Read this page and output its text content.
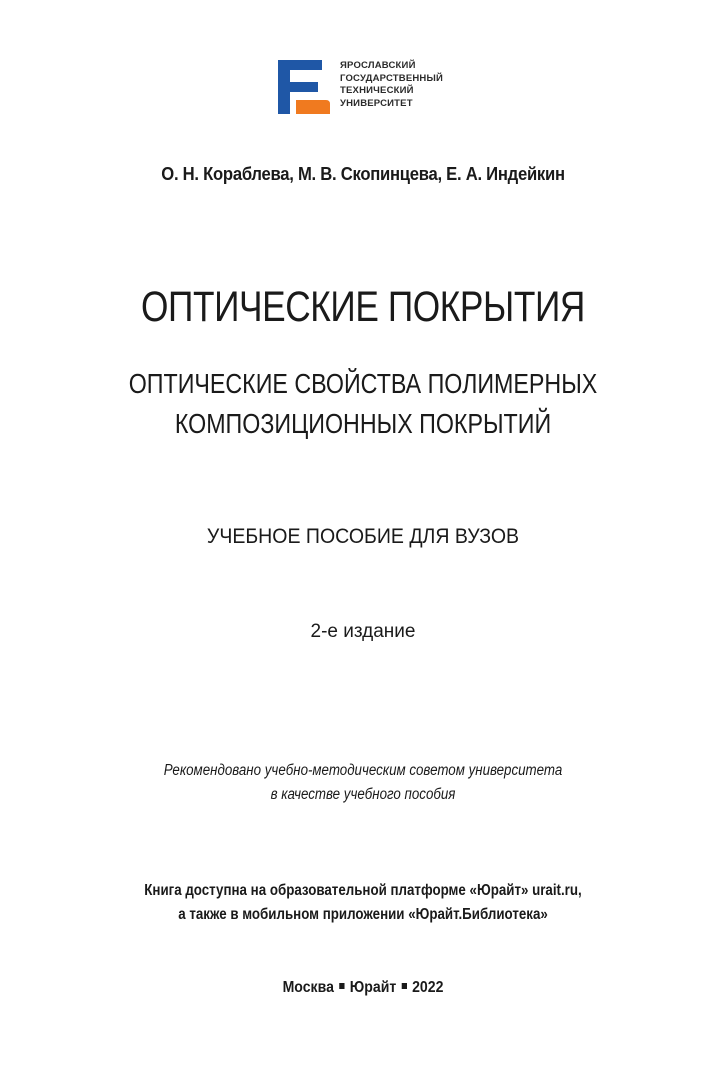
ЯРОСЛАВСКИЙ
ГОСУДАРСТВЕННЫЙ
ТЕХНИЧЕСКИЙ
УНИВЕРСИТЕТ
О. Н. Кораблева, М. В. Скопинцева, Е. А. Индейкин
ОПТИЧЕСКИЕ ПОКРЫТИЯ
ОПТИЧЕСКИЕ СВОЙСТВА ПОЛИМЕРНЫХ
КОМПОЗИЦИОННЫХ ПОКРЫТИЙ
УЧЕБНОЕ ПОСОБИЕ ДЛЯ ВУЗОВ
2-е издание
Рекомендовано учебно-методическим советом университета
в качестве учебного пособия
Книга доступна на образовательной платформе «Юрайт» urait.ru,
а также в мобильном приложении «Юрайт.Библиотека»
Москва Юрайт 2022
